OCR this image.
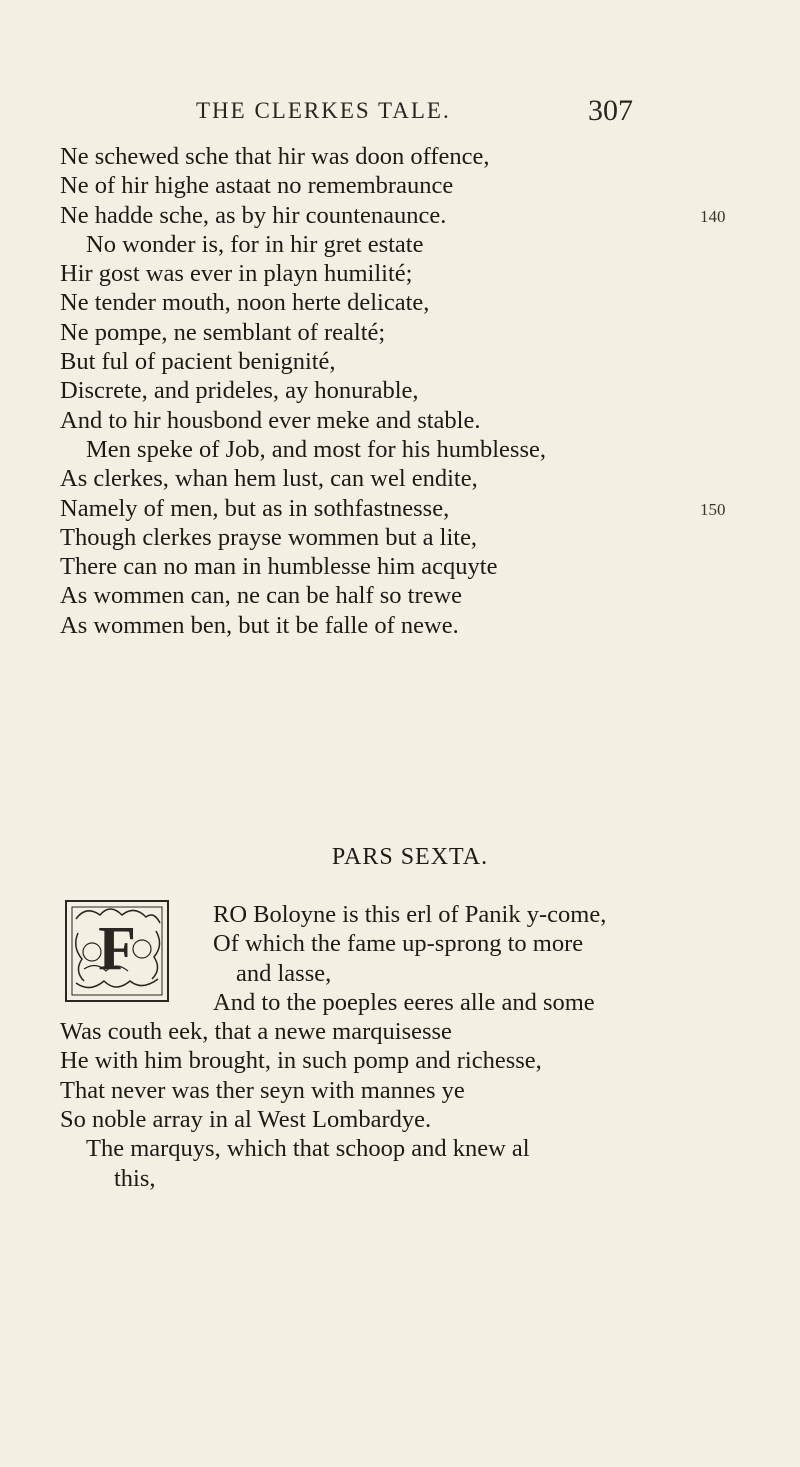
THE CLERKES TALE.	307
Ne schewed sche that hir was doon offence,
Ne of hir highe astaat no remembraunce
Ne hadde sche, as by hir countenaunce.	140
No wonder is, for in hir gret estate
Hir gost was ever in playn humilité;
Ne tender mouth, noon herte delicate,
Ne pompe, ne semblant of realté;
But ful of pacient benignité,
Discrete, and prideles, ay honurable,
And to hir housbond ever meke and stable.
Men speke of Job, and most for his humblesse,
As clerkes, whan hem lust, can wel endite,
Namely of men, but as in sothfastnesse,	150
Though clerkes prayse wommen but a lite,
There can no man in humblesse him acquyte
As wommen can, ne can be half so trewe
As wommen ben, but it be falle of newe.
PARS SEXTA.
F
RO Boloyne is this erl of Panik y-come,
Of which the fame up-sprong to more
and lasse,
And to the poeples eeres alle and some
Was couth eek, that a newe marquisesse
He with him brought, in such pomp and richesse,
That never was ther seyn with mannes ye
So noble array in al West Lombardye.
The marquys, which that schoop and knew al
this,
